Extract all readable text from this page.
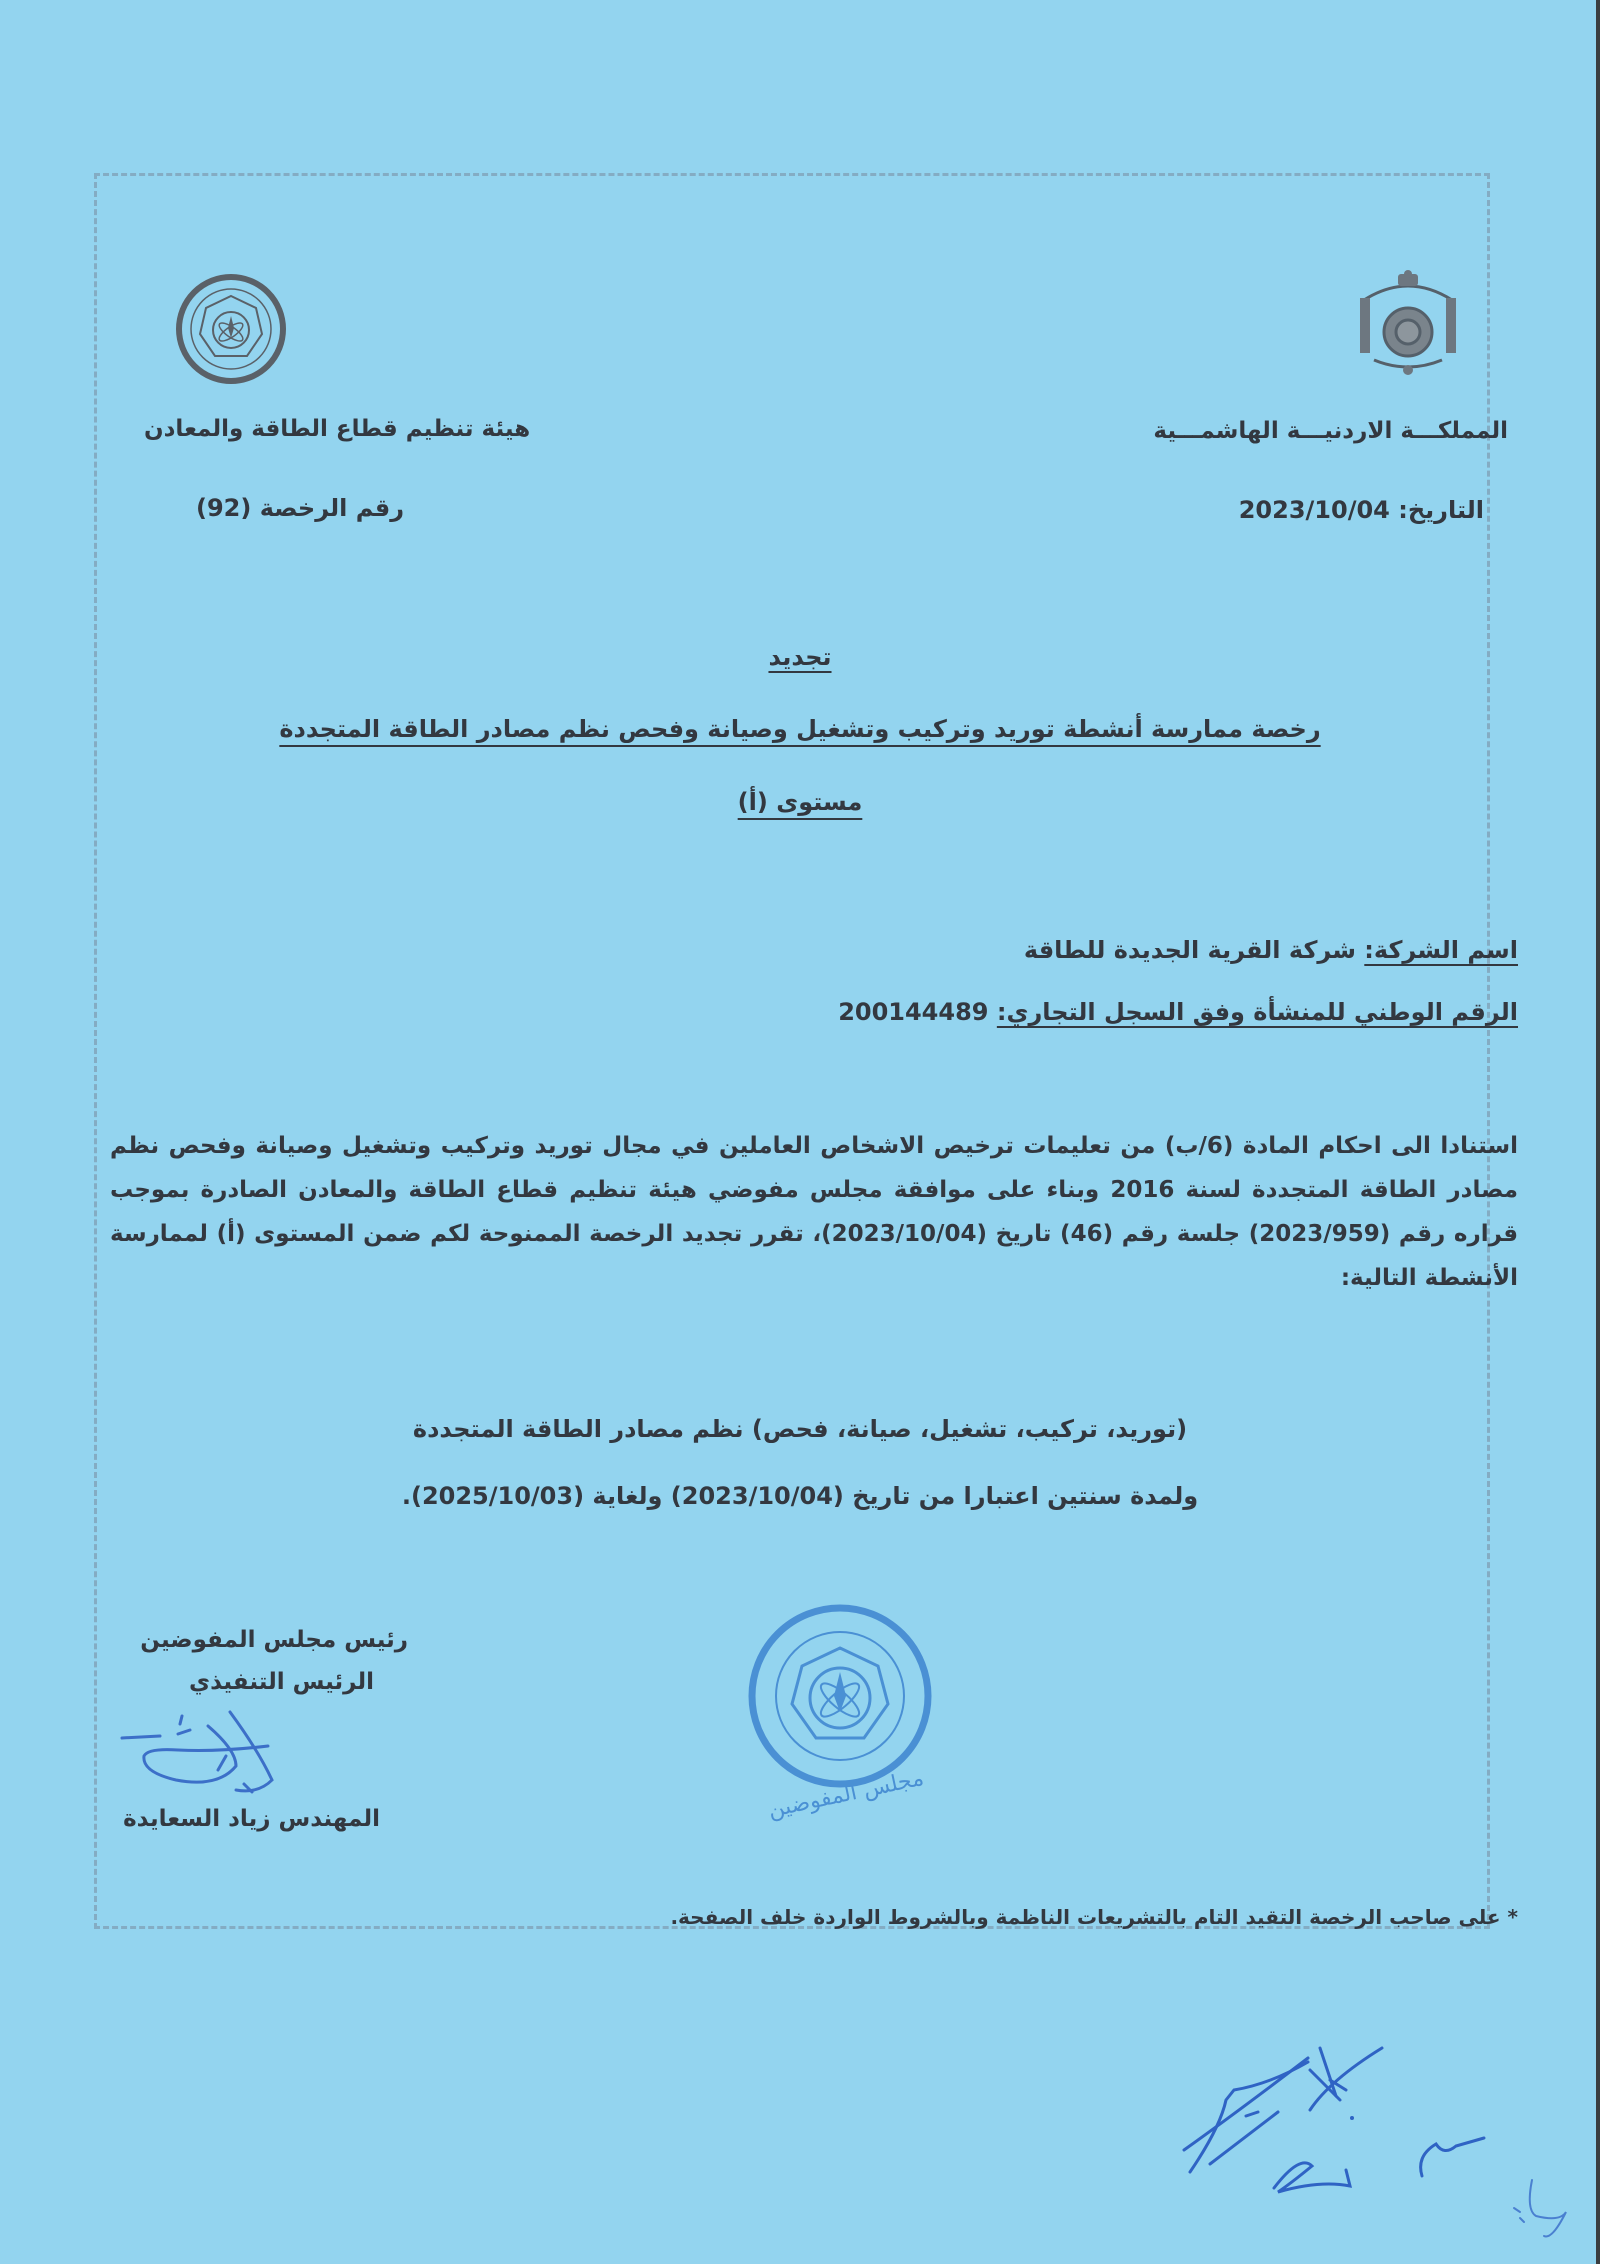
المملكـــة الاردنيـــة الهاشمـــية
التاريخ: 2023/10/04
هيئة تنظيم قطاع الطاقة والمعادن
رقم الرخصة (92)
تجديد
رخصة ممارسة أنشطة توريد وتركيب وتشغيل وصيانة وفحص نظم مصادر الطاقة المتجددة
مستوى (أ)
اسم الشركة: شركة القرية الجديدة للطاقة
الرقم الوطني للمنشأة وفق السجل التجاري: 200144489
استنادا الى احكام المادة (6/ب) من تعليمات ترخيص الاشخاص العاملين في مجال توريد وتركيب وتشغيل وصيانة وفحص نظم مصادر الطاقة المتجددة لسنة 2016 وبناء على موافقة مجلس مفوضي هيئة تنظيم قطاع الطاقة والمعادن الصادرة بموجب قراره رقم (2023/959) جلسة رقم (46) تاريخ (2023/10/04)، تقرر تجديد الرخصة الممنوحة لكم ضمن المستوى (أ) لممارسة الأنشطة التالية:
(توريد، تركيب، تشغيل، صيانة، فحص) نظم مصادر الطاقة المتجددة
ولمدة سنتين اعتبارا من تاريخ (2023/10/04) ولغاية (2025/10/03).
رئيس مجلس المفوضين
الرئيس التنفيذي
المهندس زياد السعايدة	مجلس المفوضين
* على صاحب الرخصة التقيد التام بالتشريعات الناظمة وبالشروط الواردة خلف الصفحة.
